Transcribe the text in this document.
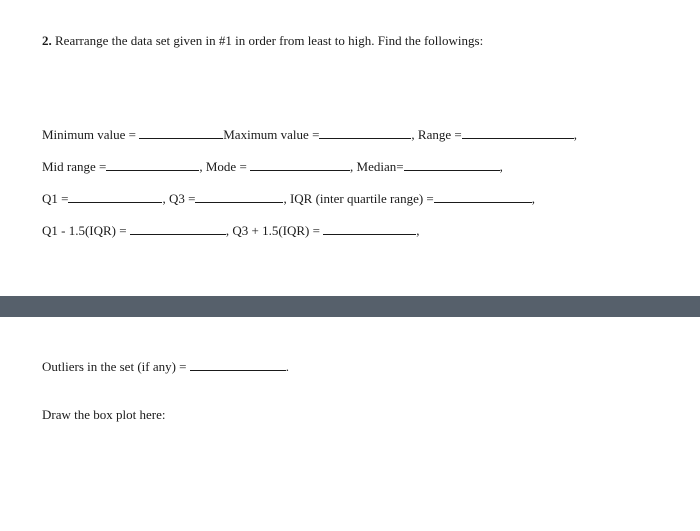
2. Rearrange the data set given in #1 in order from least to high. Find the followings:
Minimum value =	Maximum value =	, Range =	,
Mid range =	, Mode =	, Median=	,
Q1 =	, Q3 =	, IQR (inter quartile range) =	,
Q1 - 1.5(IQR) =	, Q3 + 1.5(IQR) =	,
Outliers in the set (if any) =	.
Draw the box plot here:
